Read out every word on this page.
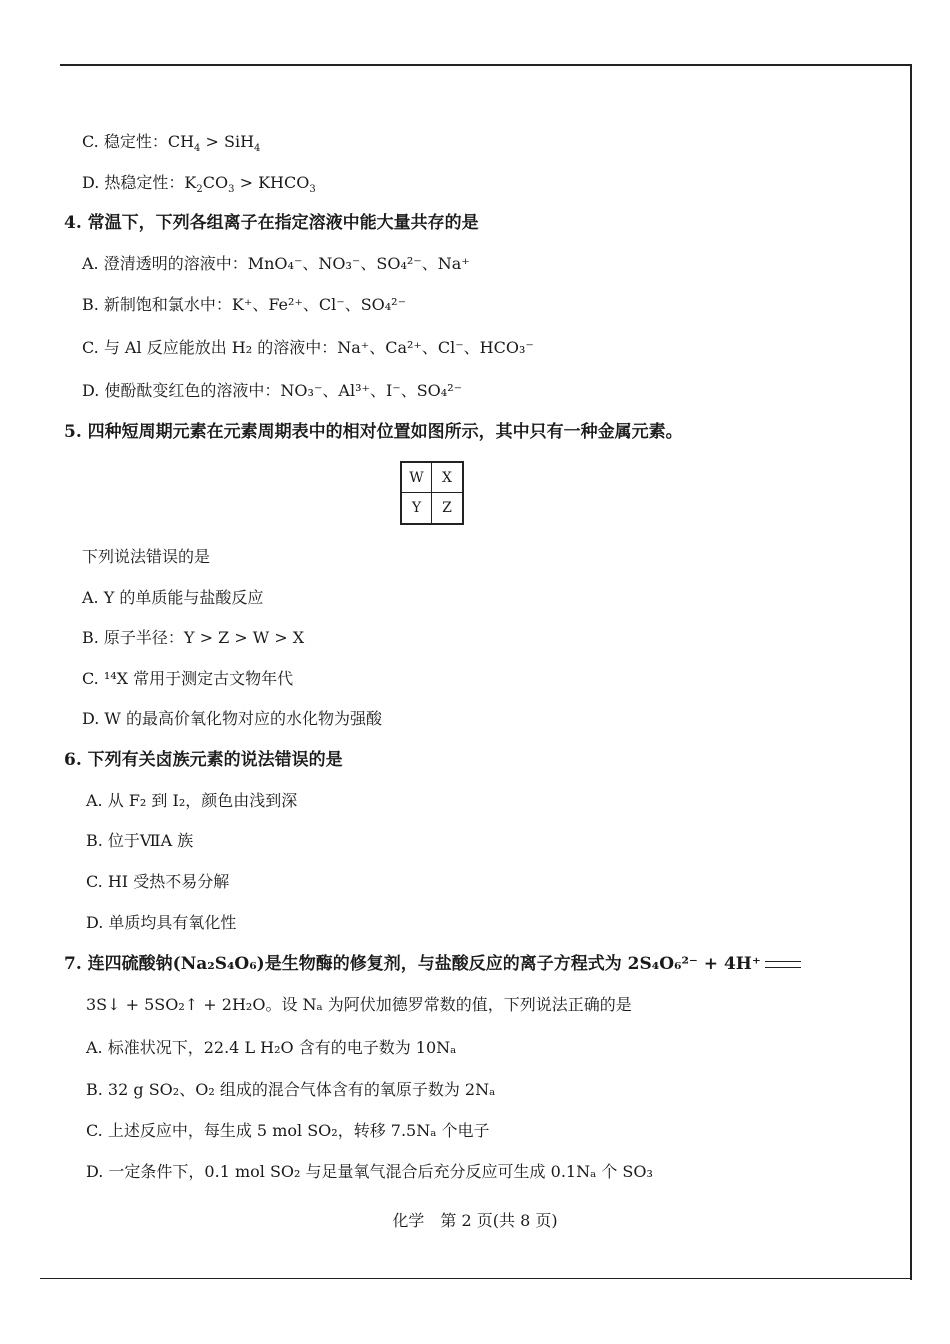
C. 稳定性：$CH_4 > SiH_4$
D. 热稳定性：$K_2CO_3$ > $KHCO_3$
4. 常温下，下列各组离子在指定溶液中能大量共存的是
A. 澄清透明的溶液中：MnO₄⁻、NO₃⁻、SO₄²⁻、Na⁺
B. 新制饱和氯水中：K⁺、Fe²⁺、Cl⁻、SO₄²⁻
C. 与 Al 反应能放出 H₂ 的溶液中：Na⁺、Ca²⁺、Cl⁻、HCO₃⁻
D. 使酚酞变红色的溶液中：NO₃⁻、Al³⁺、I⁻、SO₄²⁻
5. 四种短周期元素在元素周期表中的相对位置如图所示，其中只有一种金属元素。
W	X
Y	Z
下列说法错误的是
A. Y 的单质能与盐酸反应
B. 原子半径：Y > Z > W > X
C. ¹⁴X 常用于测定古文物年代
D. W 的最高价氧化物对应的水化物为强酸
6. 下列有关卤族元素的说法错误的是
A. 从 F₂ 到 I₂，颜色由浅到深
B. 位于ⅦA 族
C. HI 受热不易分解
D. 单质均具有氧化性
7. 连四硫酸钠(Na₂S₄O₆)是生物酶的修复剂，与盐酸反应的离子方程式为 2S₄O₆²⁻ + 4H⁺
3S↓ + 5SO₂↑ + 2H₂O。设 Nₐ 为阿伏加德罗常数的值，下列说法正确的是
A. 标准状况下，22.4 L H₂O 含有的电子数为 10Nₐ
B. 32 g SO₂、O₂ 组成的混合气体含有的氧原子数为 2Nₐ
C. 上述反应中，每生成 5 mol SO₂，转移 7.5Nₐ 个电子
D. 一定条件下，0.1 mol SO₂ 与足量氧气混合后充分反应可生成 0.1Nₐ 个 SO₃
化学　第 2 页(共 8 页)
